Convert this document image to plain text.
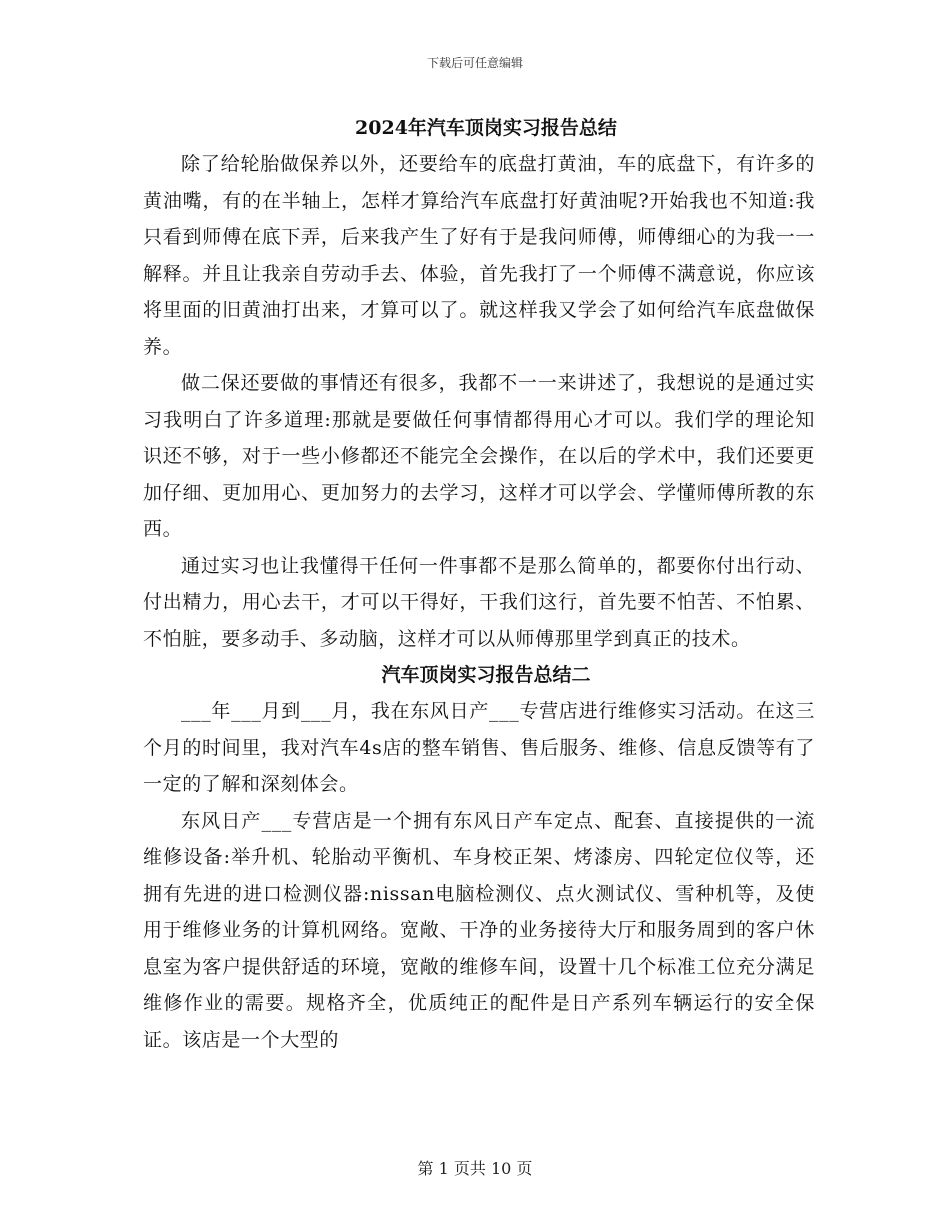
下载后可任意编辑

2024年汽车顶岗实习报告总结

除了给轮胎做保养以外，还要给车的底盘打黄油，车的底盘下，有许多的黄油嘴，有的在半轴上，怎样才算给汽车底盘打好黄油呢?开始我也不知道:我只看到师傅在底下弄，后来我产生了好有于是我问师傅，师傅细心的为我一一解释。并且让我亲自劳动手去、体验，首先我打了一个师傅不满意说，你应该将里面的旧黄油打出来，才算可以了。就这样我又学会了如何给汽车底盘做保养。

做二保还要做的事情还有很多，我都不一一来讲述了，我想说的是通过实习我明白了许多道理:那就是要做任何事情都得用心才可以。我们学的理论知识还不够，对于一些小修都还不能完全会操作，在以后的学术中，我们还要更加仔细、更加用心、更加努力的去学习，这样才可以学会、学懂师傅所教的东西。

通过实习也让我懂得干任何一件事都不是那么简单的，都要你付出行动、付出精力，用心去干，才可以干得好，干我们这行，首先要不怕苦、不怕累、不怕脏，要多动手、多动脑，这样才可以从师傅那里学到真正的技术。

汽车顶岗实习报告总结二

___年___月到___月，我在东风日产___专营店进行维修实习活动。在这三个月的时间里，我对汽车4s店的整车销售、售后服务、维修、信息反馈等有了一定的了解和深刻体会。

东风日产___专营店是一个拥有东风日产车定点、配套、直接提供的一流维修设备:举升机、轮胎动平衡机、车身校正架、烤漆房、四轮定位仪等，还拥有先进的进口检测仪器:nissan电脑检测仪、点火测试仪、雪种机等，及使用于维修业务的计算机网络。宽敞、干净的业务接待大厅和服务周到的客户休息室为客户提供舒适的环境，宽敞的维修车间，设置十几个标准工位充分满足维修作业的需要。规格齐全，优质纯正的配件是日产系列车辆运行的安全保证。该店是一个大型的

第 1 页共 10 页
